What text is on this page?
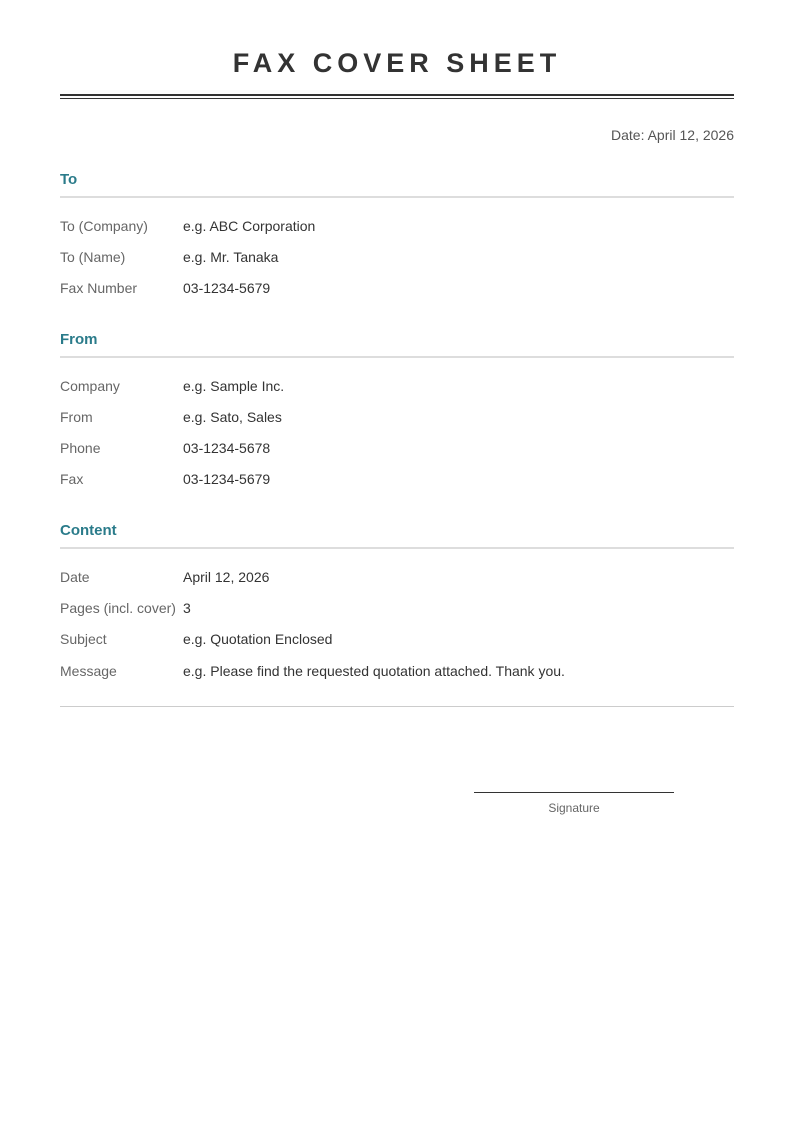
FAX COVER SHEET
Date: April 12, 2026
To
To (Company)	e.g. ABC Corporation
To (Name)	e.g. Mr. Tanaka
Fax Number	03-1234-5679
From
Company	e.g. Sample Inc.
From	e.g. Sato, Sales
Phone	03-1234-5678
Fax	03-1234-5679
Content
Date	April 12, 2026
Pages (incl. cover) 3
Subject	e.g. Quotation Enclosed
Message	e.g. Please find the requested quotation attached. Thank you.
Signature
